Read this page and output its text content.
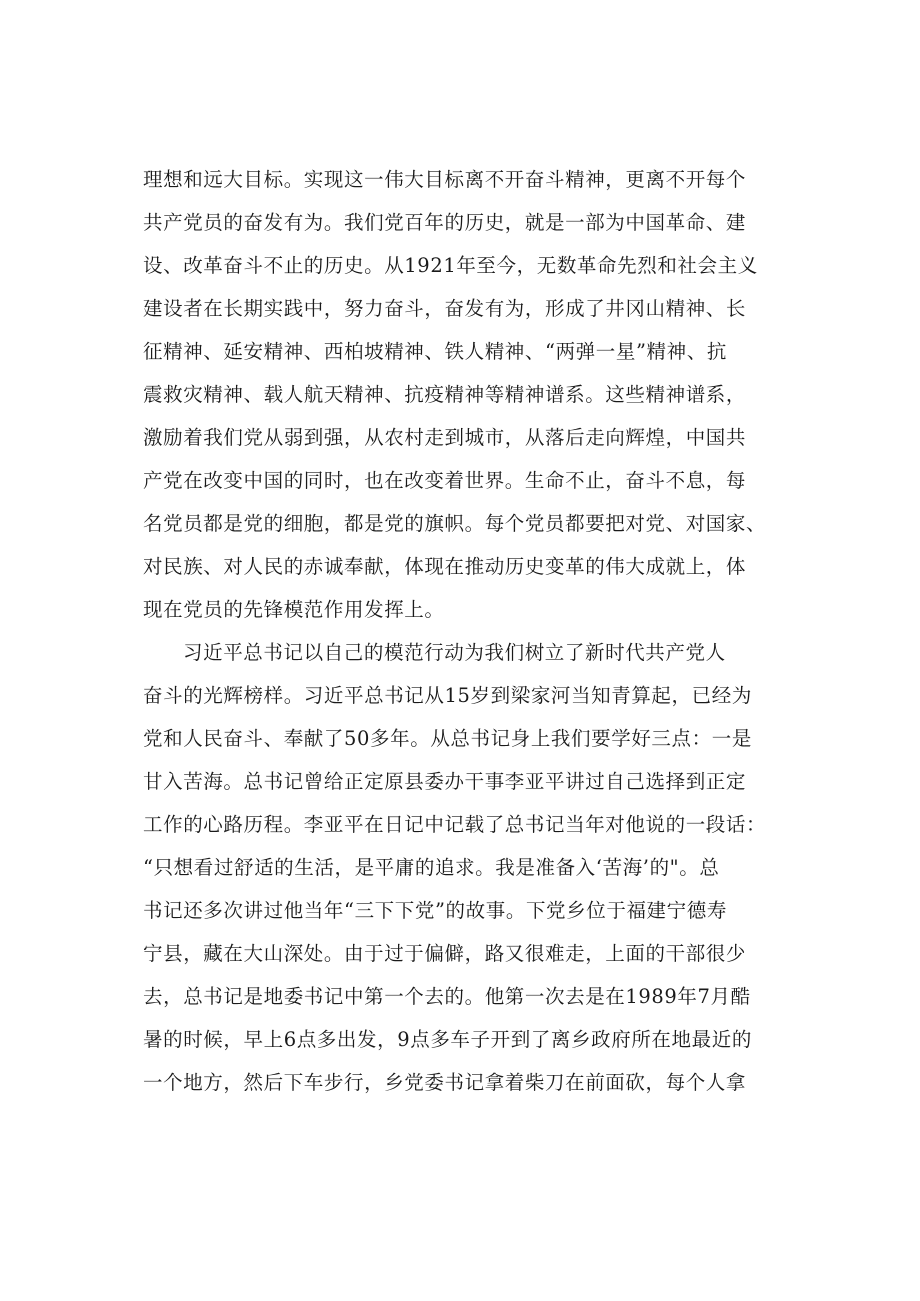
理想和远大目标。实现这一伟大目标离不开奋斗精神，更离不开每个
共产党员的奋发有为。我们党百年的历史，就是一部为中国革命、建
设、改革奋斗不止的历史。从1921年至今，无数革命先烈和社会主义
建设者在长期实践中，努力奋斗，奋发有为，形成了井冈山精神、长
征精神、延安精神、西柏坡精神、铁人精神、“两弹一星”精神、抗
震救灾精神、载人航天精神、抗疫精神等精神谱系。这些精神谱系，
激励着我们党从弱到强，从农村走到城市，从落后走向辉煌，中国共
产党在改变中国的同时，也在改变着世界。生命不止，奋斗不息，每
名党员都是党的细胞，都是党的旗帜。每个党员都要把对党、对国家、
对民族、对人民的赤诚奉献，体现在推动历史变革的伟大成就上，体
现在党员的先锋模范作用发挥上。
习近平总书记以自己的模范行动为我们树立了新时代共产党人
奋斗的光辉榜样。习近平总书记从15岁到梁家河当知青算起，已经为
党和人民奋斗、奉献了50多年。从总书记身上我们要学好三点：一是
甘入苦海。总书记曾给正定原县委办干事李亚平讲过自己选择到正定
工作的心路历程。李亚平在日记中记载了总书记当年对他说的一段话：
“只想看过舒适的生活，是平庸的追求。我是准备入‘苦海’的"。总
书记还多次讲过他当年“三下下党”的故事。下党乡位于福建宁德寿
宁县，藏在大山深处。由于过于偏僻，路又很难走，上面的干部很少
去，总书记是地委书记中第一个去的。他第一次去是在1989年7月酷
暑的时候，早上6点多出发，9点多车子开到了离乡政府所在地最近的
一个地方，然后下车步行，乡党委书记拿着柴刀在前面砍，每个人拿
